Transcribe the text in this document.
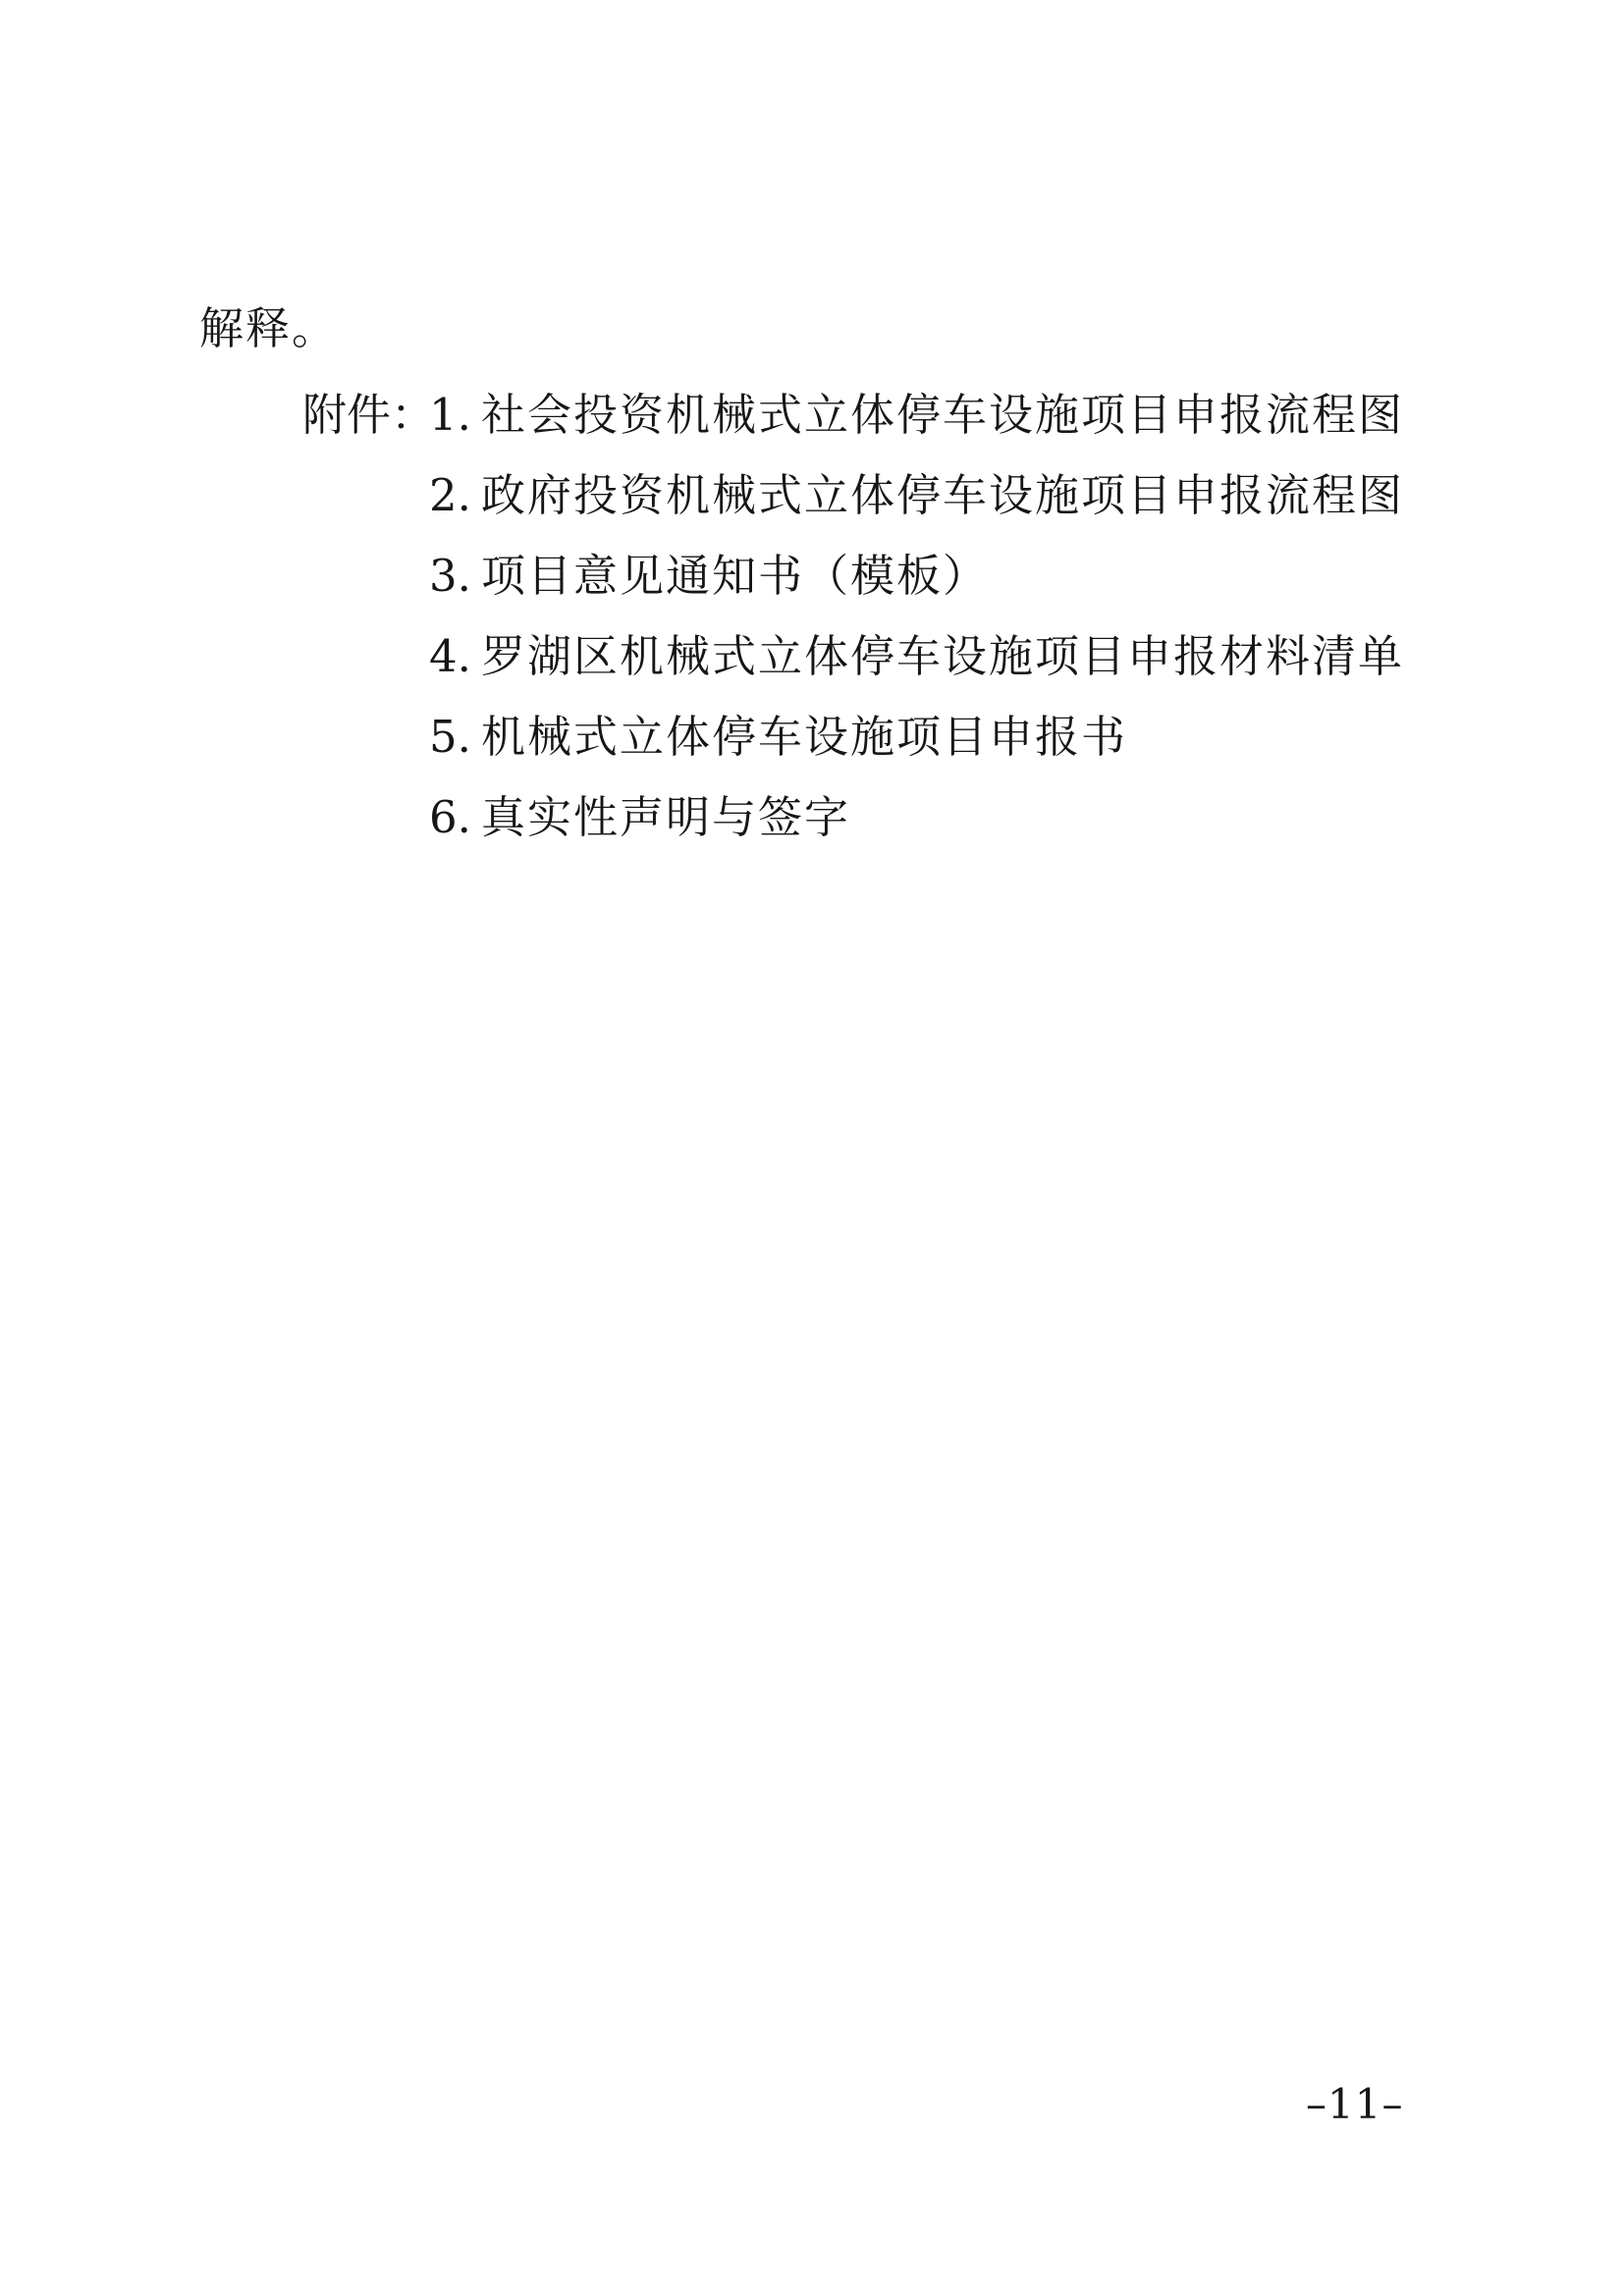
解释。
附件：
1. 社会投资机械式立体停车设施项目申报流程图
2. 政府投资机械式立体停车设施项目申报流程图
3. 项目意见通知书（模板）
4. 罗湖区机械式立体停车设施项目申报材料清单
5. 机械式立体停车设施项目申报书
6. 真实性声明与签字
–11–
